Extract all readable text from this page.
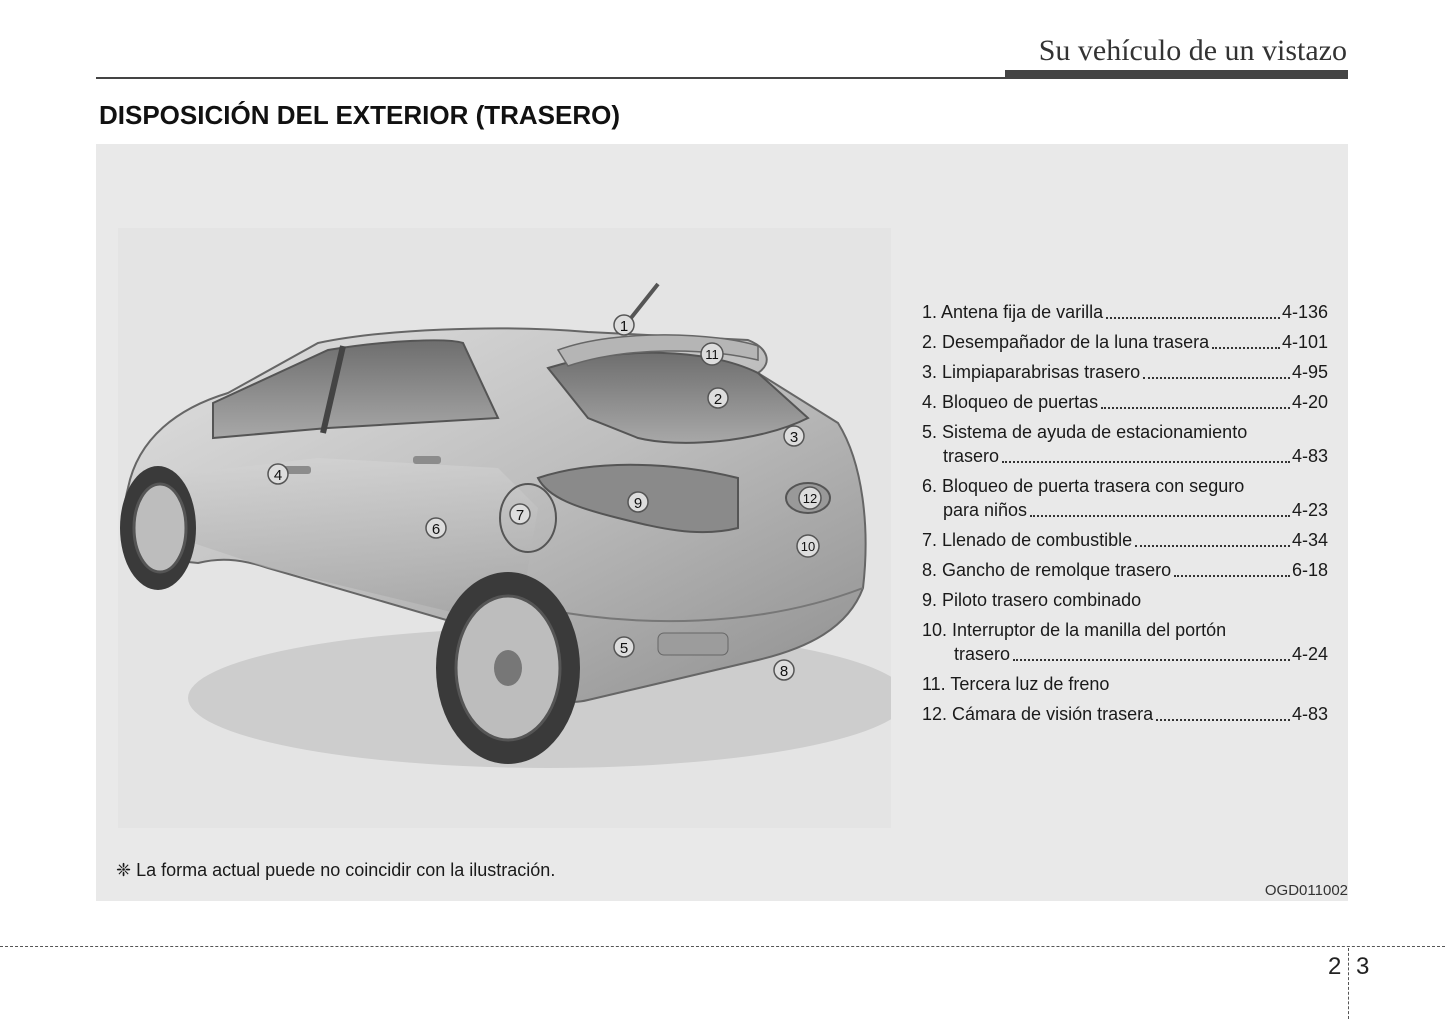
Su vehículo de un vistazo
DISPOSICIÓN DEL EXTERIOR (TRASERO)
1
11
2
3
4
6
7
9	12
10
5
8
1. Antena fija de varilla	4-136
2. Desempañador de la luna trasera	4-101
3. Limpiaparabrisas trasero	4-95
4. Bloqueo de puertas	4-20
5. Sistema de ayuda de estacionamiento
trasero	4-83
6. Bloqueo de puerta trasera con seguro
para niños	4-23
7. Llenado de combustible	4-34
8. Gancho de remolque trasero	6-18
9. Piloto trasero combinado
10. Interruptor de la manilla del portón
trasero	4-24
11. Tercera luz de freno
12. Cámara de visión trasera	4-83
❈ La forma actual puede no coincidir con la ilustración.
OGD011002
2 3
